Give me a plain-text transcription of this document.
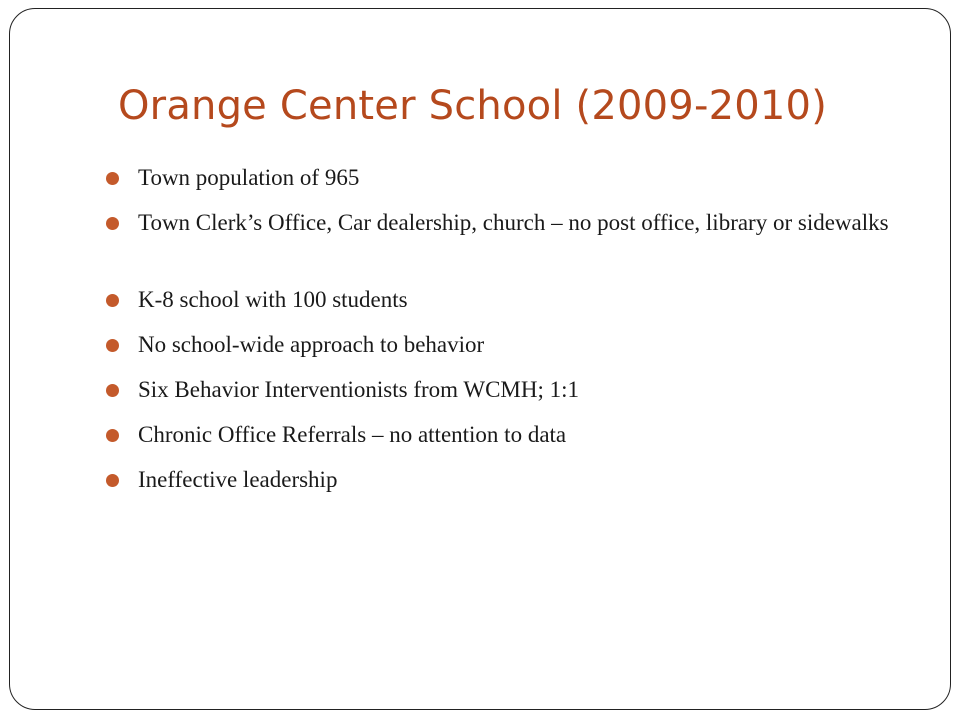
Orange Center School (2009-2010)
Town population of 965
Town Clerk’s Office, Car dealership, church – no post office, library or sidewalks
K-8 school with 100 students
No school-wide approach to behavior
Six Behavior Interventionists from WCMH; 1:1
Chronic Office Referrals – no attention to data
Ineffective leadership
